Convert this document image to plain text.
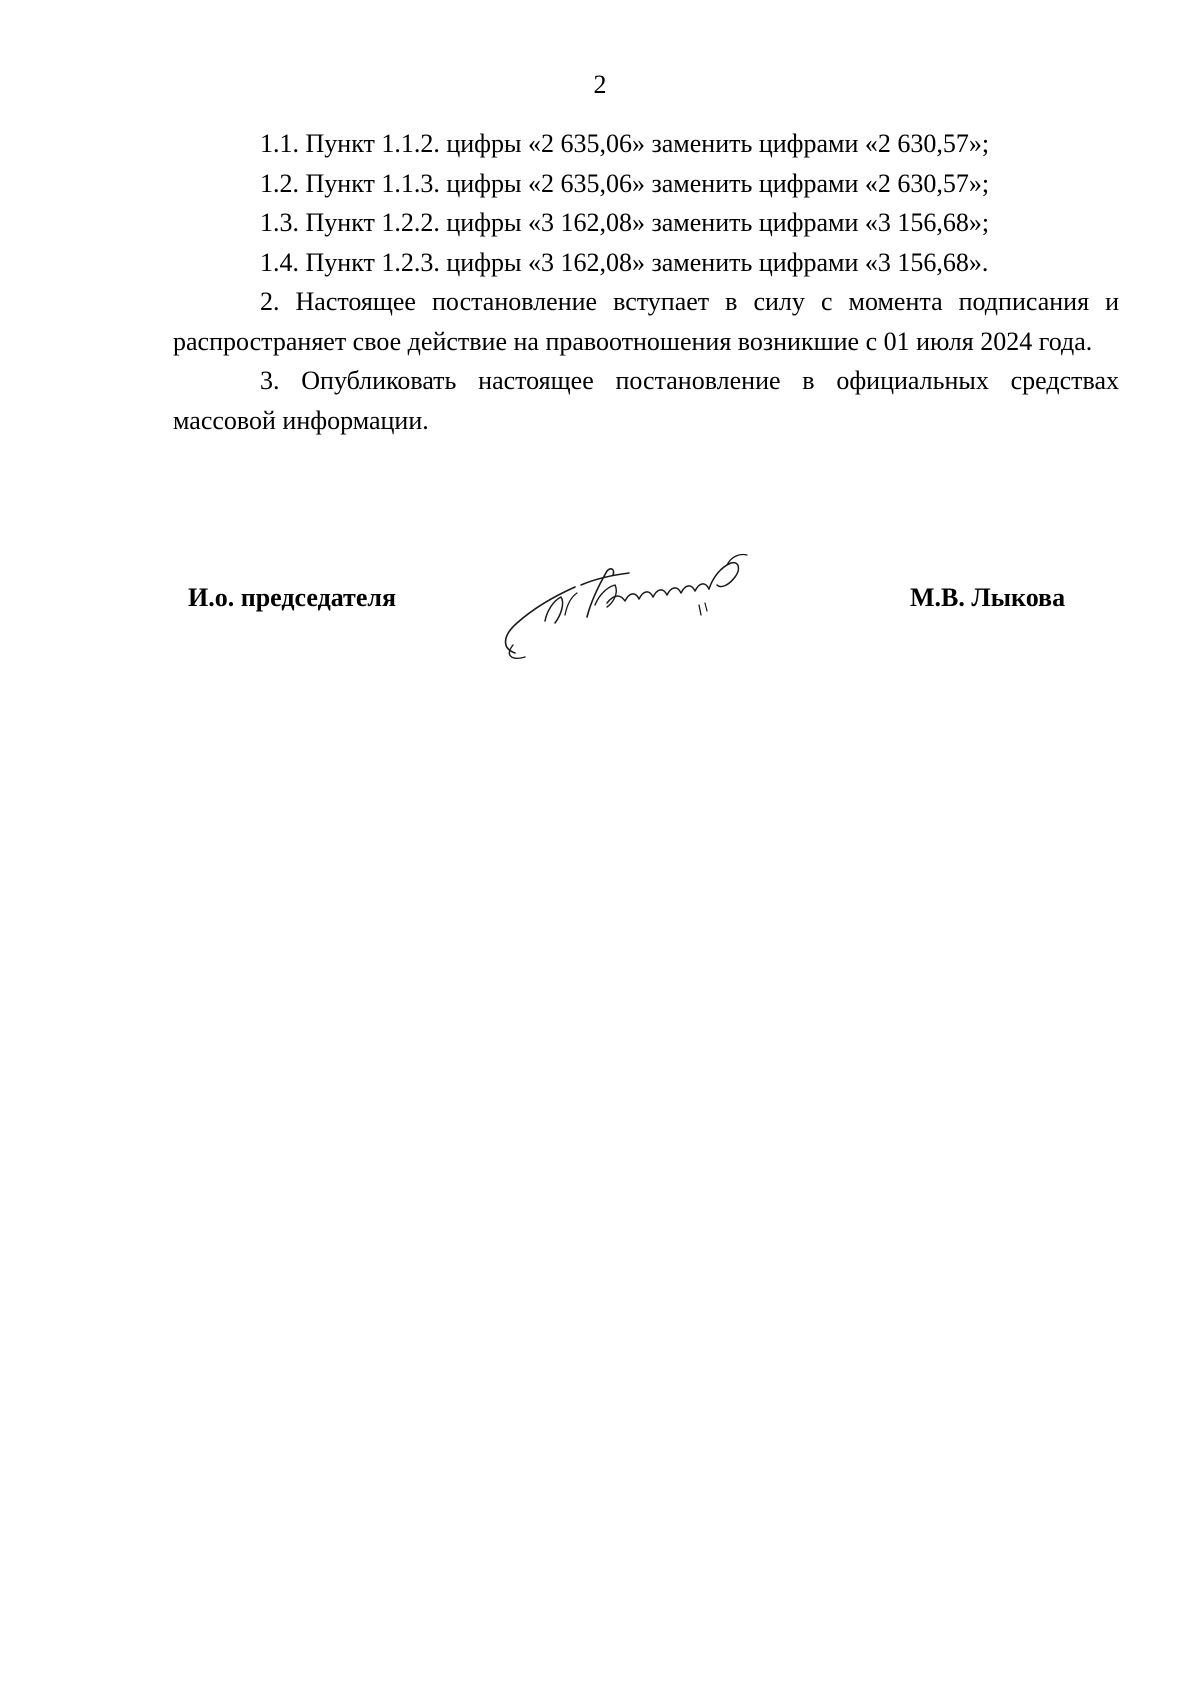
2

1.1. Пункт 1.1.2. цифры «2 635,06» заменить цифрами «2 630,57»;

1.2. Пункт 1.1.3. цифры «2 635,06» заменить цифрами «2 630,57»;

1.3. Пункт 1.2.2. цифры «3 162,08» заменить цифрами «3 156,68»;

1.4. Пункт 1.2.3. цифры «3 162,08» заменить цифрами «3 156,68».

2. Настоящее постановление вступает в силу с момента подписания и распространяет свое действие на правоотношения возникшие с 01 июля 2024 года.

3. Опубликовать настоящее постановление в официальных средствах массовой информации.

И.о. председателя	М.В. Лыкова
